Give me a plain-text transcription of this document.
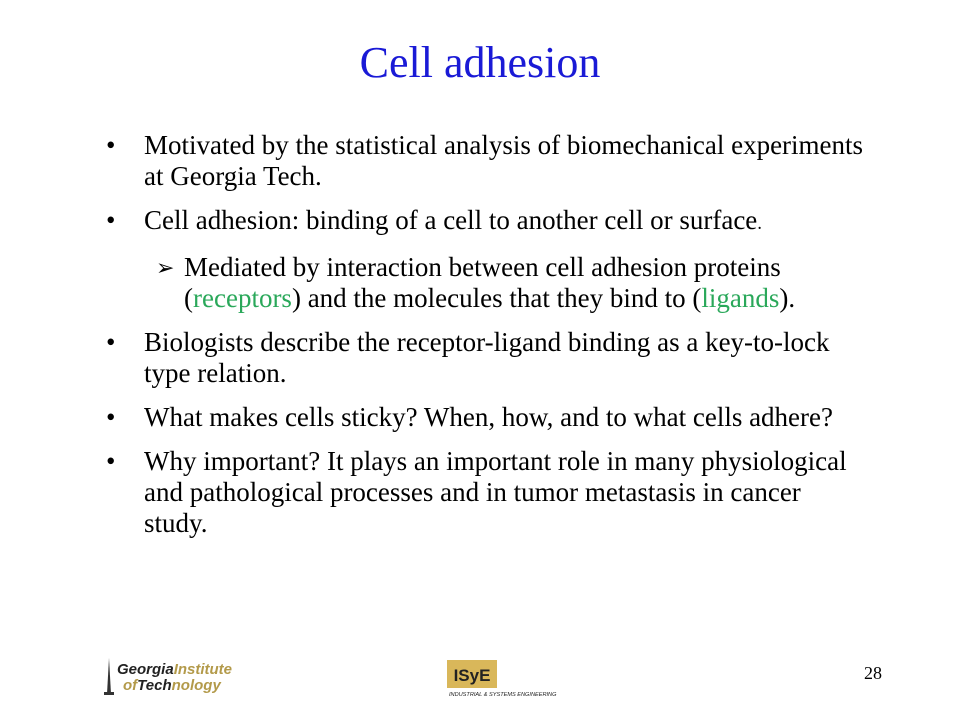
Cell adhesion
• Motivated by the statistical analysis of biomechanical experiments at Georgia Tech.
• Cell adhesion: binding of a cell to another cell or surface.
➢ Mediated by interaction between cell adhesion proteins (receptors) and the molecules that they bind to (ligands).
• Biologists describe the receptor-ligand binding as a key-to-lock type relation.
• What makes cells sticky? When, how, and to what cells adhere?
• Why important? It plays an important role in many physiological and pathological processes and in tumor metastasis in cancer study.
GeorgiaInstitute
ofTechnology
ISyE
INDUSTRIAL & SYSTEMS ENGINEERING
28
